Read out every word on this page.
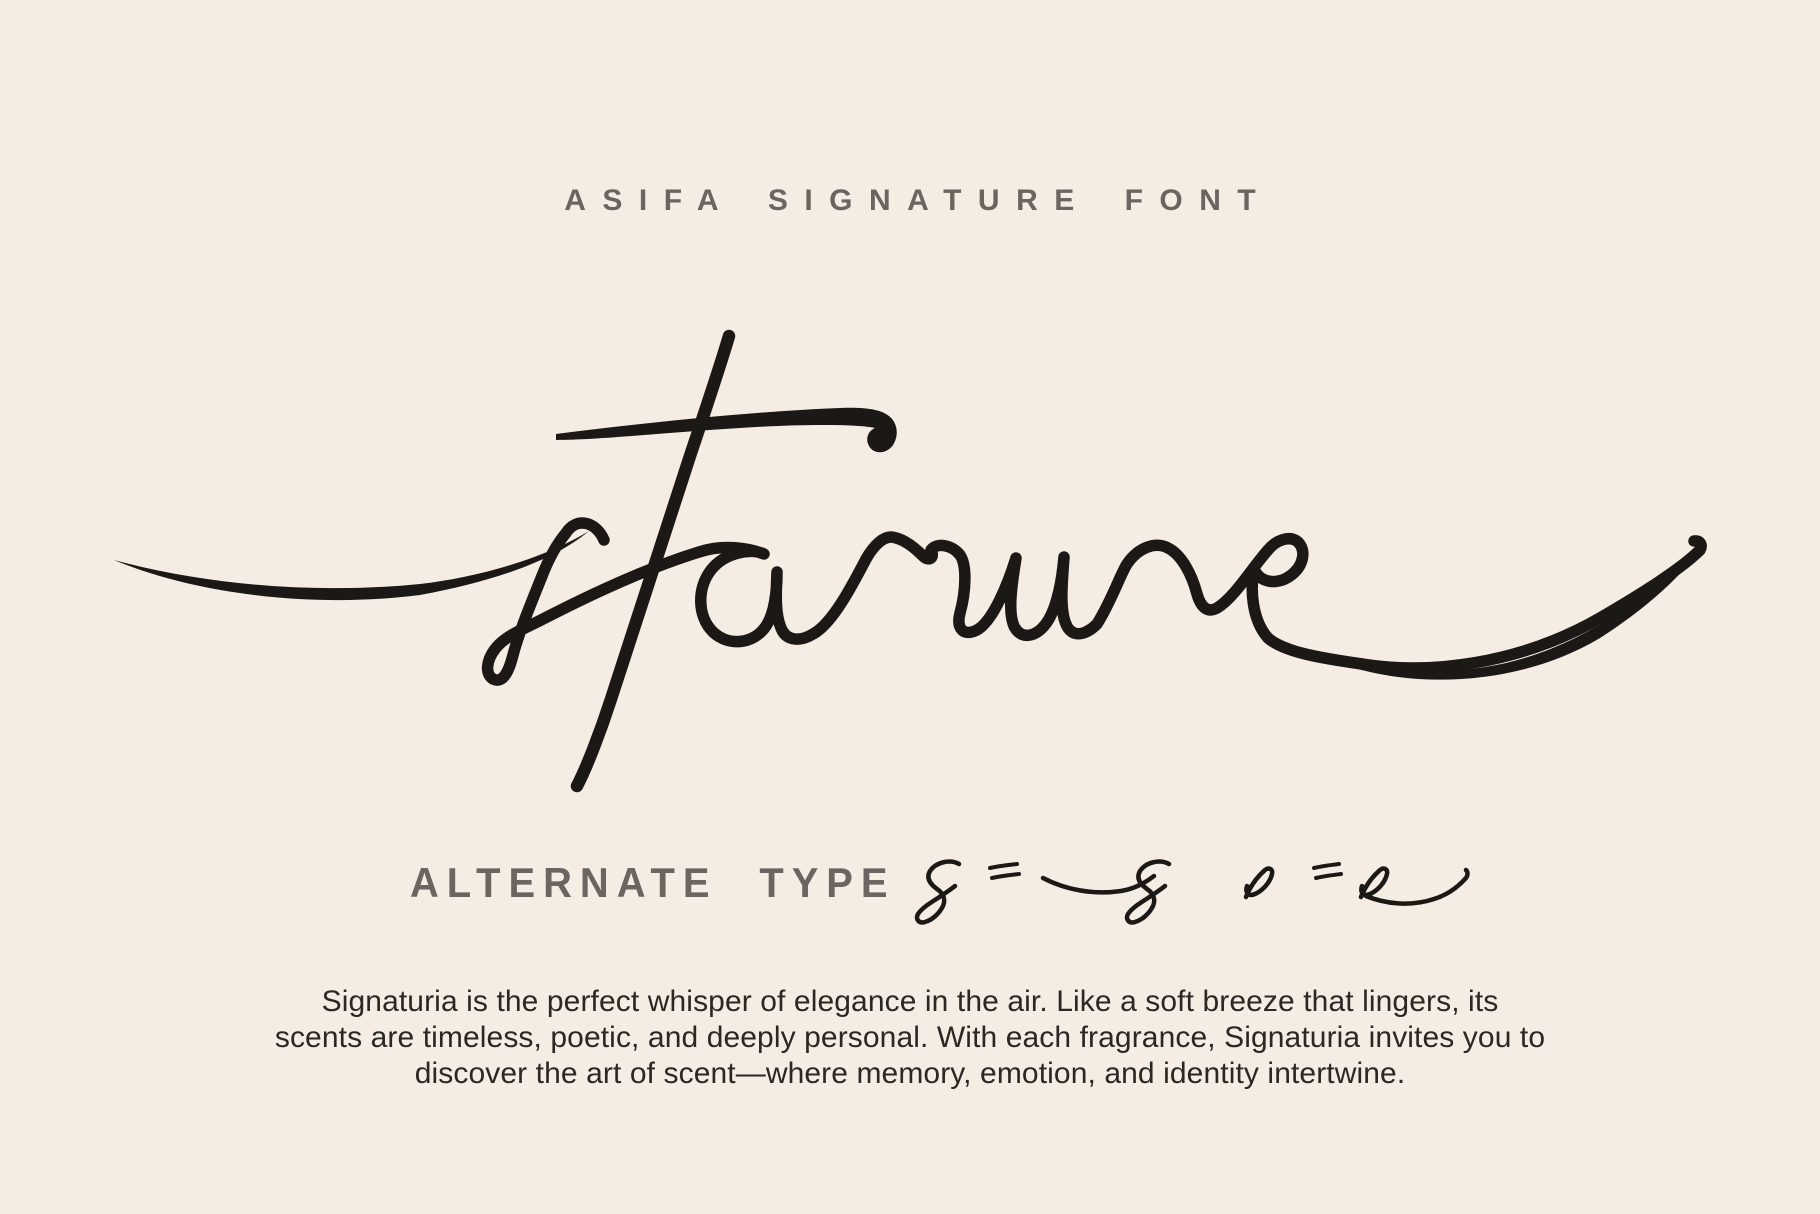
ASIFA SIGNATURE FONT
ALTERNATE TYPE
Signaturia is the perfect whisper of elegance in the air. Like a soft breeze that lingers, its
scents are timeless, poetic, and deeply personal. With each fragrance, Signaturia invites you to
discover the art of scent—where memory, emotion, and identity intertwine.
